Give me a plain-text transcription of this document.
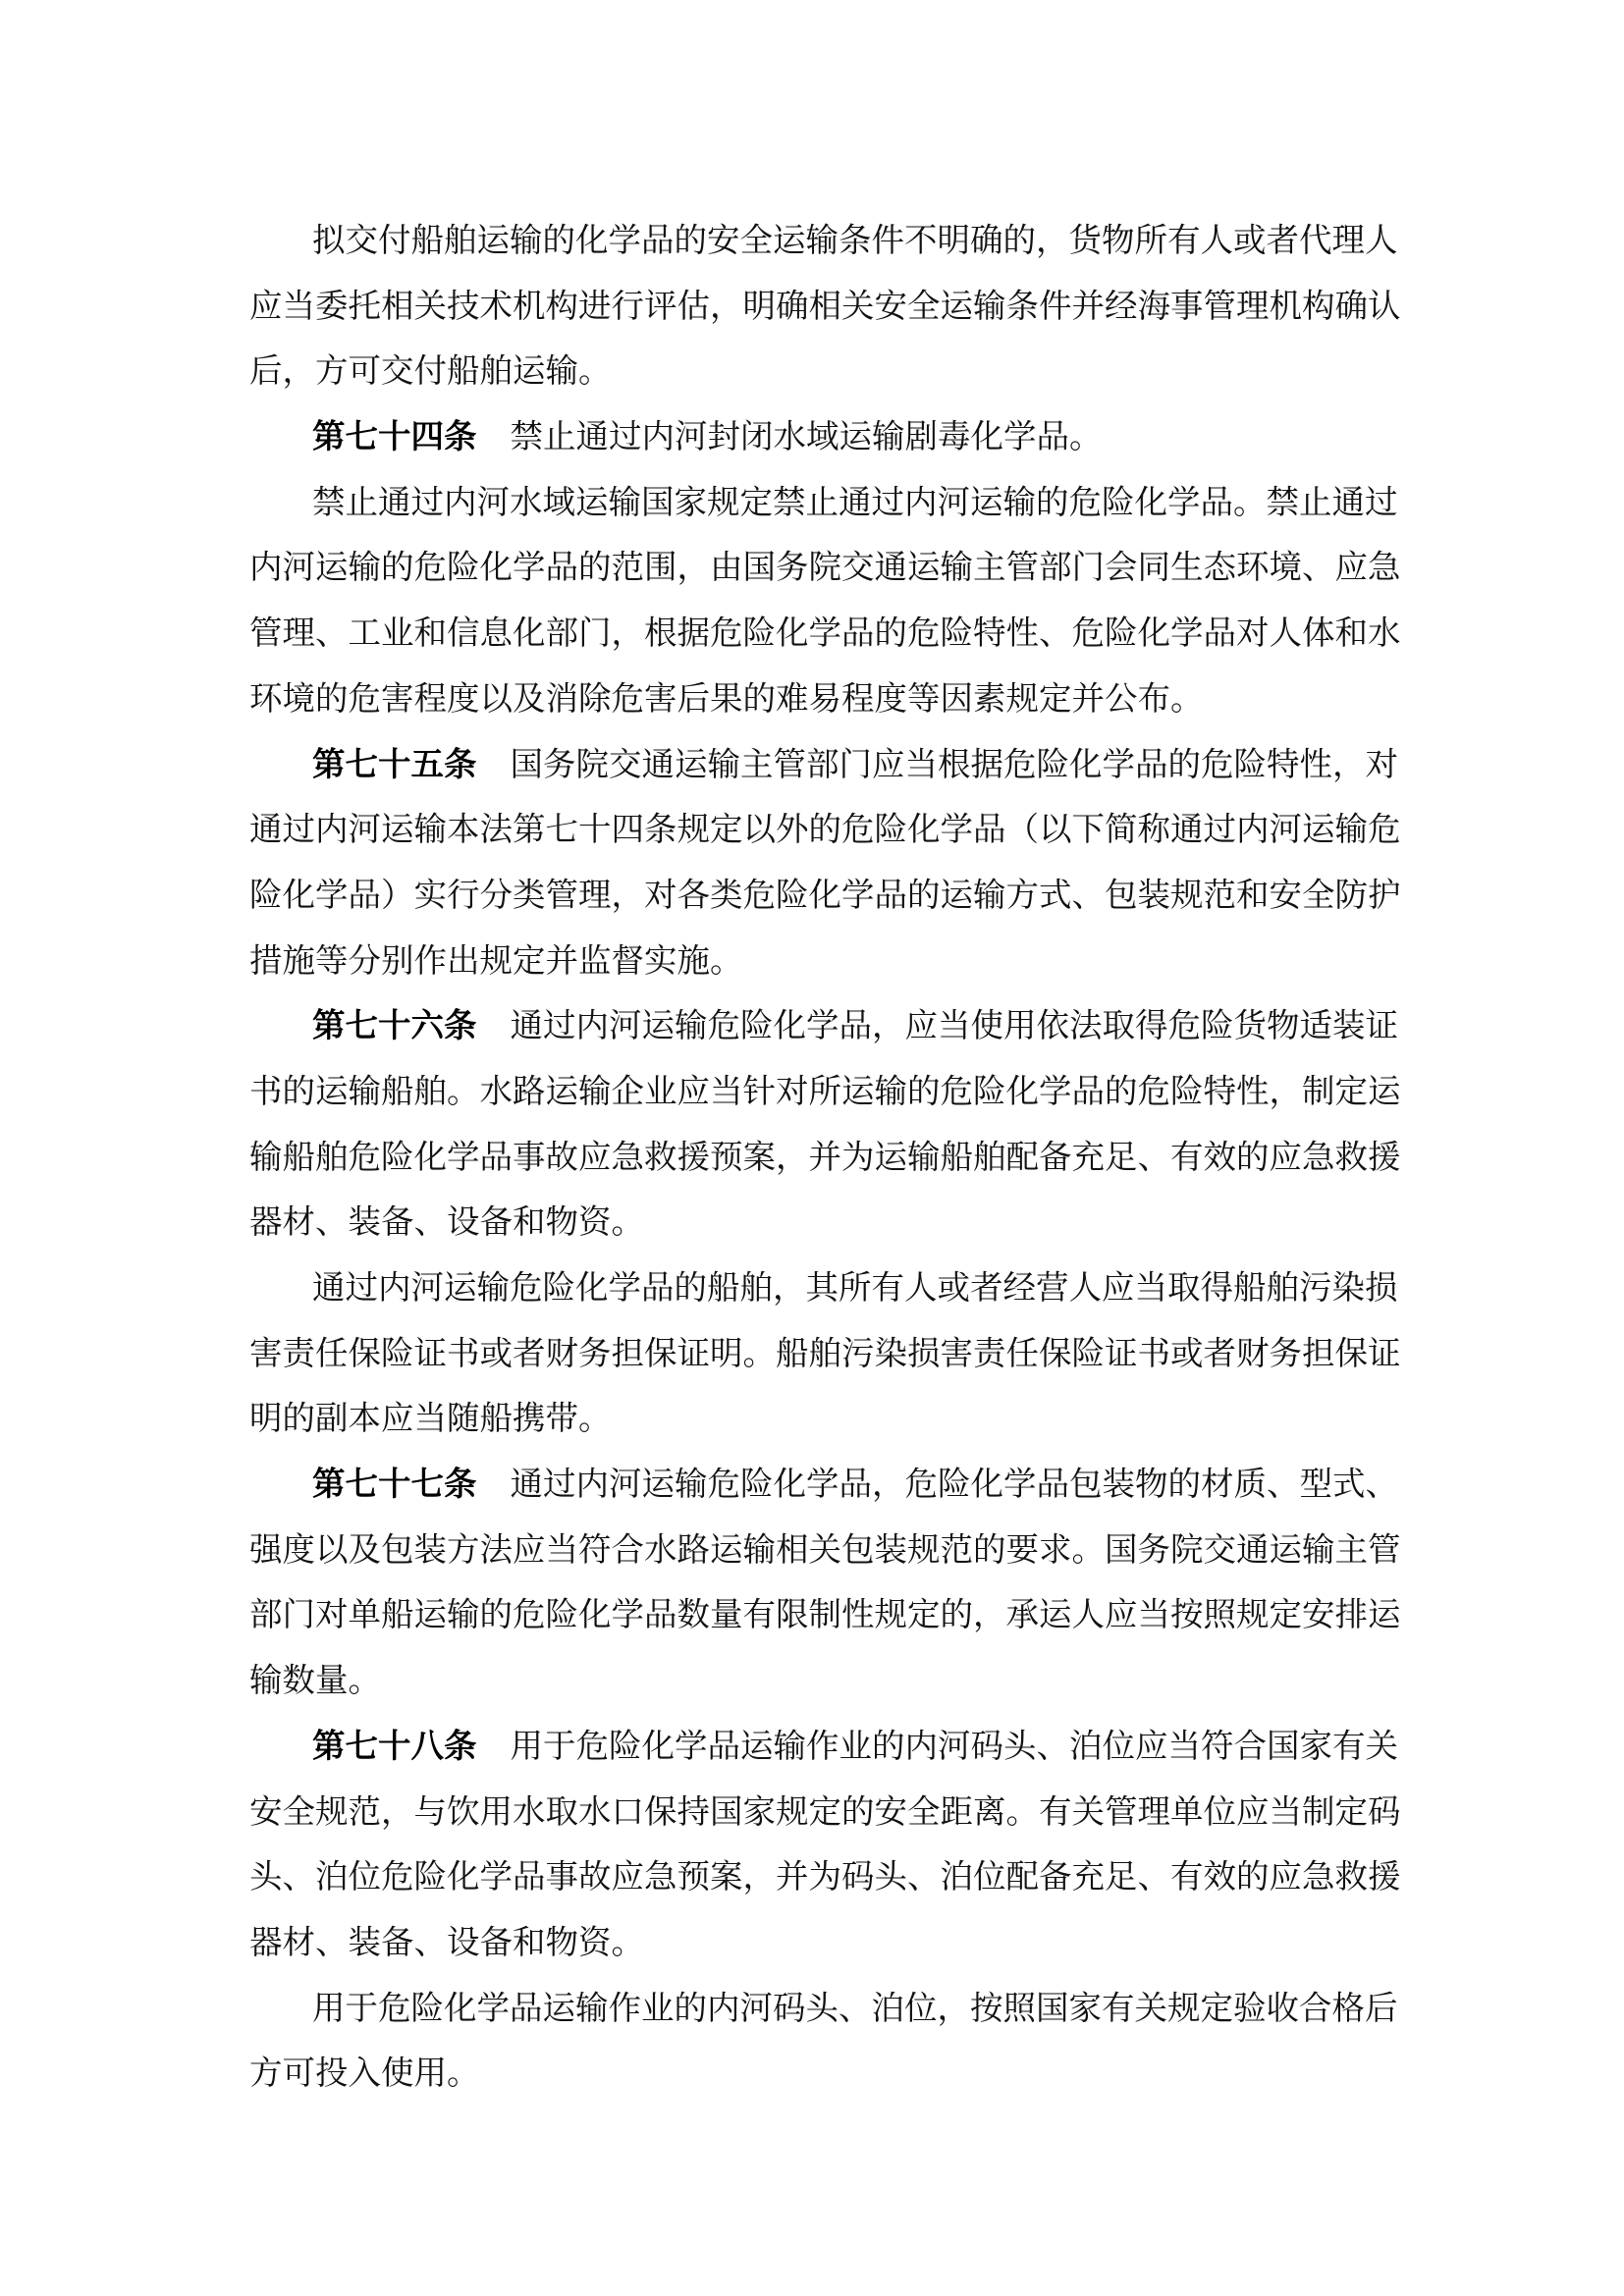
拟交付船舶运输的化学品的安全运输条件不明确的，货物所有人或者代理人
应当委托相关技术机构进行评估，明确相关安全运输条件并经海事管理机构确认
后，方可交付船舶运输。
第七十四条 禁止通过内河封闭水域运输剧毒化学品。
禁止通过内河水域运输国家规定禁止通过内河运输的危险化学品。禁止通过
内河运输的危险化学品的范围，由国务院交通运输主管部门会同生态环境、应急
管理、工业和信息化部门，根据危险化学品的危险特性、危险化学品对人体和水
环境的危害程度以及消除危害后果的难易程度等因素规定并公布。
第七十五条 国务院交通运输主管部门应当根据危险化学品的危险特性，对
通过内河运输本法第七十四条规定以外的危险化学品（以下简称通过内河运输危
险化学品）实行分类管理，对各类危险化学品的运输方式、包装规范和安全防护
措施等分别作出规定并监督实施。
第七十六条 通过内河运输危险化学品，应当使用依法取得危险货物适装证
书的运输船舶。水路运输企业应当针对所运输的危险化学品的危险特性，制定运
输船舶危险化学品事故应急救援预案，并为运输船舶配备充足、有效的应急救援
器材、装备、设备和物资。
通过内河运输危险化学品的船舶，其所有人或者经营人应当取得船舶污染损
害责任保险证书或者财务担保证明。船舶污染损害责任保险证书或者财务担保证
明的副本应当随船携带。
第七十七条 通过内河运输危险化学品，危险化学品包装物的材质、型式、
强度以及包装方法应当符合水路运输相关包装规范的要求。国务院交通运输主管
部门对单船运输的危险化学品数量有限制性规定的，承运人应当按照规定安排运
输数量。
第七十八条 用于危险化学品运输作业的内河码头、泊位应当符合国家有关
安全规范，与饮用水取水口保持国家规定的安全距离。有关管理单位应当制定码
头、泊位危险化学品事故应急预案，并为码头、泊位配备充足、有效的应急救援
器材、装备、设备和物资。
用于危险化学品运输作业的内河码头、泊位，按照国家有关规定验收合格后
方可投入使用。
